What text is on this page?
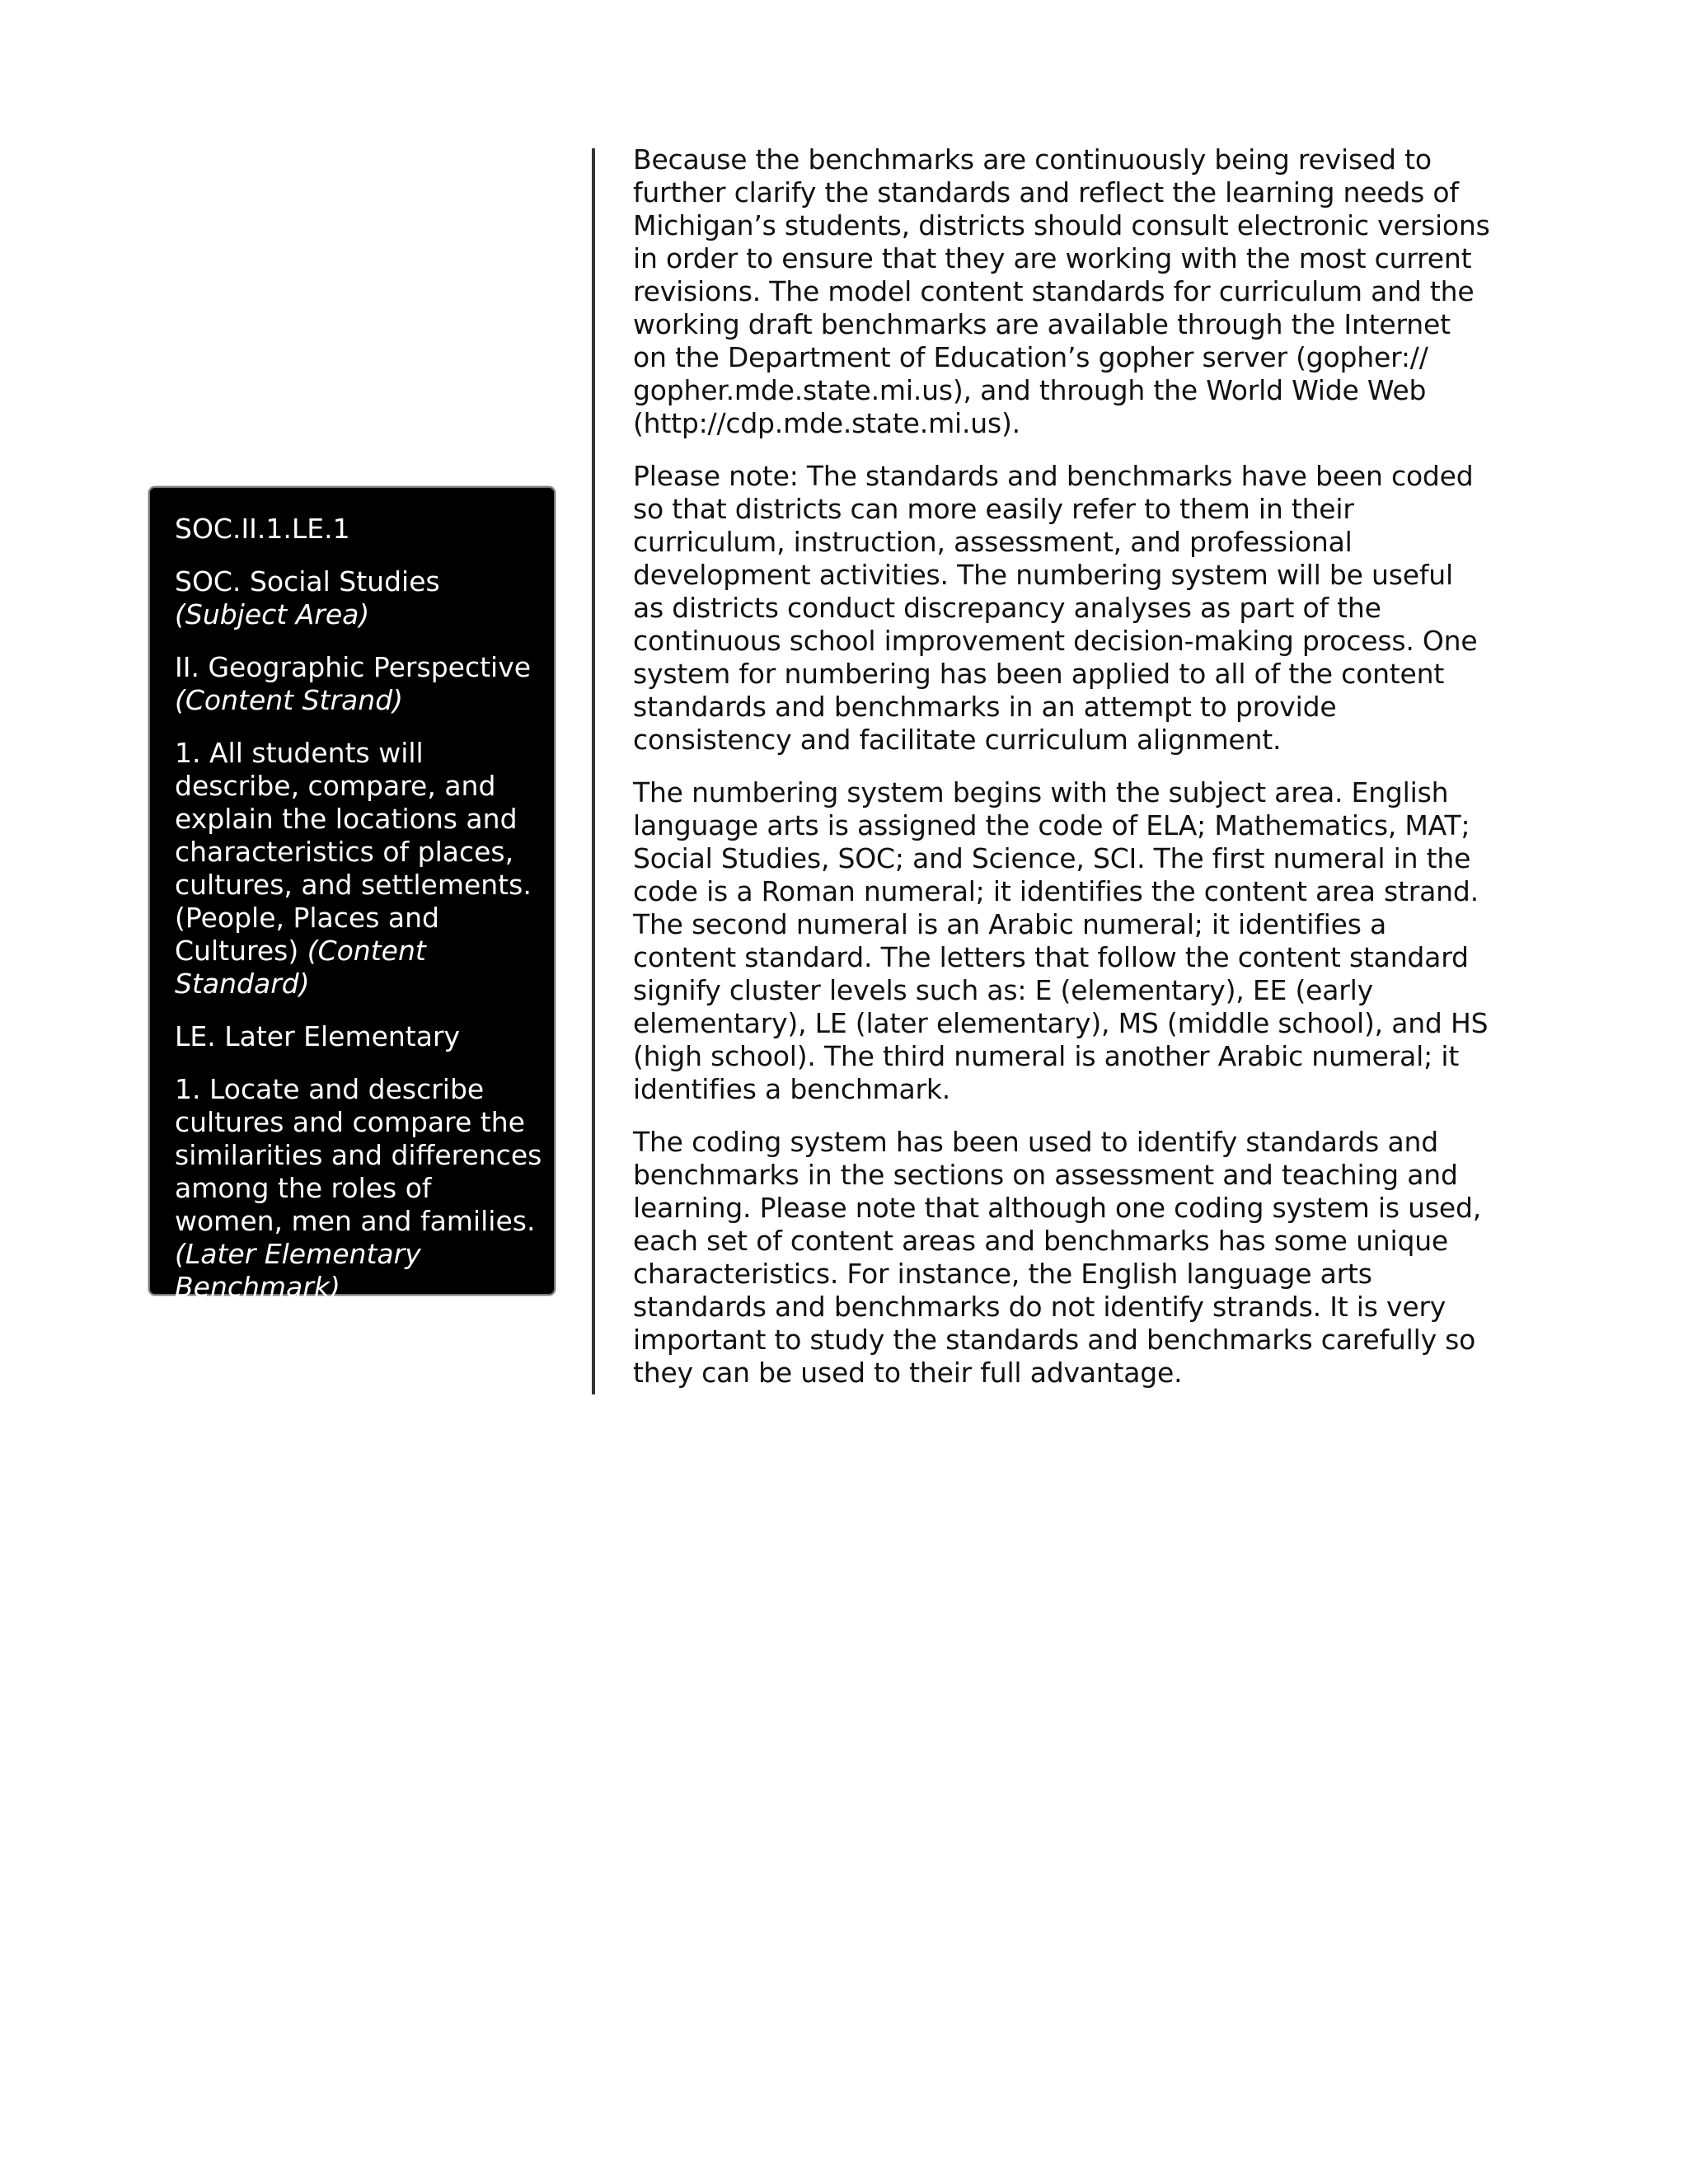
SOC.II.1.LE.1

SOC. Social Studies
(Subject Area)

II. Geographic Perspective
(Content Strand)

1. All students will describe, compare, and explain the locations and characteristics of places, cultures, and settlements. (People, Places and Cultures) (Content Standard)

LE. Later Elementary

1. Locate and describe cultures and compare the similarities and differences among the roles of women, men and families. (Later Elementary Benchmark)

Because the benchmarks are continuously being revised to further clarify the standards and reflect the learning needs of Michigan’s students, districts should consult electronic versions in order to ensure that they are working with the most current revisions. The model content standards for curriculum and the working draft benchmarks are available through the Internet on the Department of Education’s gopher server (gopher:// gopher.mde.state.mi.us), and through the World Wide Web (http://cdp.mde.state.mi.us).

Please note: The standards and benchmarks have been coded so that districts can more easily refer to them in their curriculum, instruction, assessment, and professional development activities. The numbering system will be useful as districts conduct discrepancy analyses as part of the continuous school improvement decision-making process. One system for numbering has been applied to all of the content standards and benchmarks in an attempt to provide consistency and facilitate curriculum alignment.

The numbering system begins with the subject area. English language arts is assigned the code of ELA; Mathematics, MAT; Social Studies, SOC; and Science, SCI. The first numeral in the code is a Roman numeral; it identifies the content area strand. The second numeral is an Arabic numeral; it identifies a content standard. The letters that follow the content standard signify cluster levels such as: E (elementary), EE (early elementary), LE (later elementary), MS (middle school), and HS (high school). The third numeral is another Arabic numeral; it identifies a benchmark.

The coding system has been used to identify standards and benchmarks in the sections on assessment and teaching and learning. Please note that although one coding system is used, each set of content areas and benchmarks has some unique characteristics. For instance, the English language arts standards and benchmarks do not identify strands. It is very important to study the standards and benchmarks carefully so they can be used to their full advantage.
